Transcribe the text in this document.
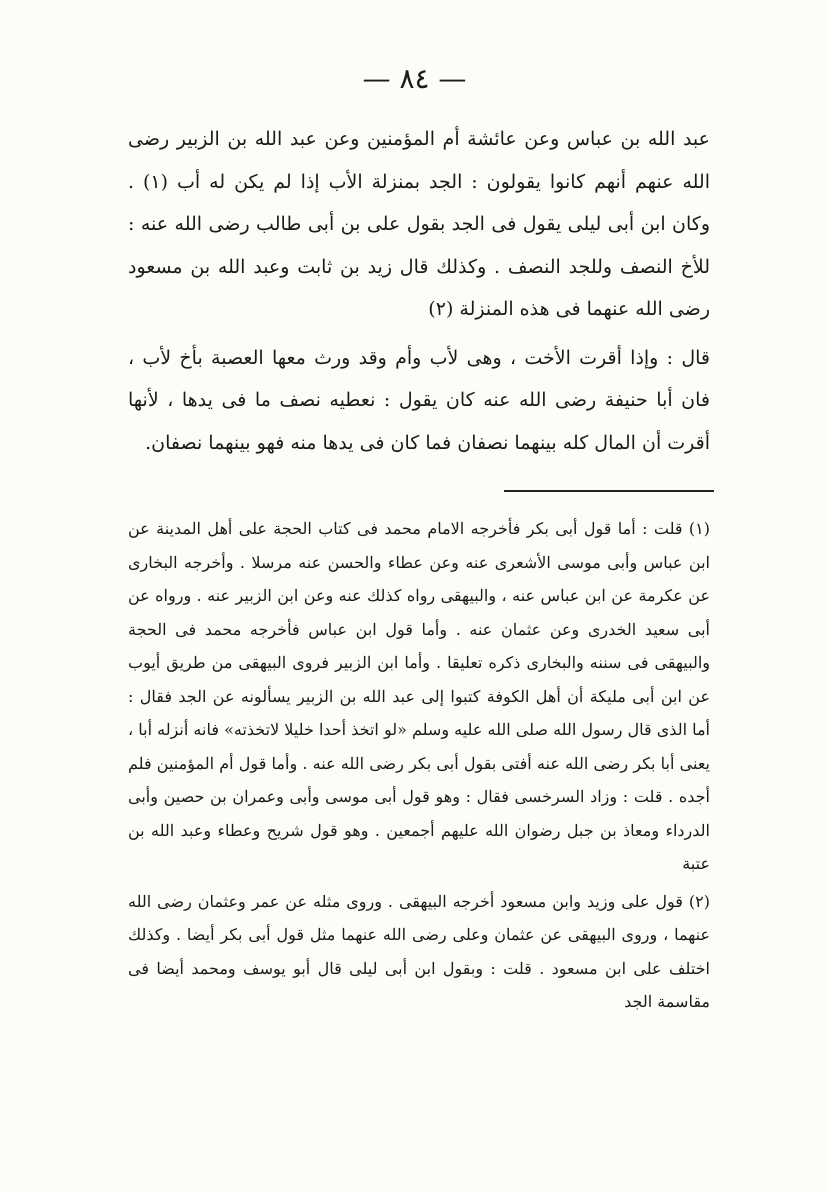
— ٨٤ —

عبد الله بن عباس وعن عائشة أم المؤمنين وعن عبد الله بن الزبير رضى الله عنهم أنهم كانوا يقولون : الجد بمنزلة الأب إذا لم يكن له أب (١) . وكان ابن أبى ليلى يقول فى الجد بقول على بن أبى طالب رضى الله عنه : للأخ النصف وللجد النصف . وكذلك قال زيد بن ثابت وعبد الله بن مسعود رضى الله عنهما فى هذه المنزلة (٢)

قال : وإذا أقرت الأخت ، وهى لأب وأم وقد ورث معها العصبة بأخ لأب ، فان أبا حنيفة رضى الله عنه كان يقول : نعطيه نصف ما فى يدها ، لأنها أقرت أن المال كله بينهما نصفان فما كان فى يدها منه فهو بينهما نصفان.

(١) قلت : أما قول أبى بكر فأخرجه الامام محمد فى كتاب الحجة على أهل المدينة عن ابن عباس وأبى موسى الأشعرى عنه وعن عطاء والحسن عنه مرسلا . وأخرجه البخارى عن عكرمة عن ابن عباس عنه ، والبيهقى رواه كذلك عنه وعن ابن الزبير عنه . ورواه عن أبى سعيد الخدرى وعن عثمان عنه . وأما قول ابن عباس فأخرجه محمد فى الحجة والبيهقى فى سننه والبخارى ذكره تعليقا . وأما ابن الزبير فروى البيهقى من طريق أيوب عن ابن أبى مليكة أن أهل الكوفة كتبوا إلى عبد الله بن الزبير يسألونه عن الجد فقال : أما الذى قال رسول الله صلى الله عليه وسلم «لو اتخذ أحدا خليلا لاتخذته» فانه أنزله أبا ، يعنى أبا بكر رضى الله عنه أفتى بقول أبى بكر رضى الله عنه . وأما قول أم المؤمنين فلم أجده . قلت : وزاد السرخسى فقال : وهو قول أبى موسى وأبى وعمران بن حصين وأبى الدرداء ومعاذ بن جبل رضوان الله عليهم أجمعين . وهو قول شريح وعطاء وعبد الله بن عتبة

(٢) قول على وزيد وابن مسعود أخرجه البيهقى . وروى مثله عن عمر وعثمان رضى الله عنهما ، وروى البيهقى عن عثمان وعلى رضى الله عنهما مثل قول أبى بكر أيضا . وكذلك اختلف على ابن مسعود . قلت : وبقول ابن أبى ليلى قال أبو يوسف ومحمد أيضا فى مقاسمة الجد
